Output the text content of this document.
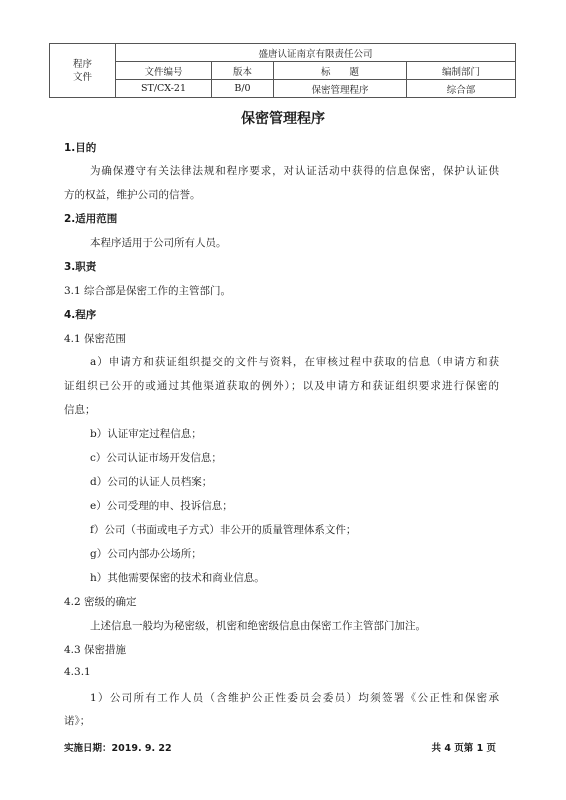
程序
文件	盛唐认证南京有限责任公司			
	文件编号	版本	标　　题	编制部门
	ST/CX-21	B/0	保密管理程序	综合部
保密管理程序
1.目的
为确保遵守有关法律法规和程序要求，对认证活动中获得的信息保密，保护认证供
方的权益，维护公司的信誉。
2.适用范围
本程序适用于公司所有人员。
3.职责
3.1 综合部是保密工作的主管部门。
4.程序
4.1 保密范围
a）申请方和获证组织提交的文件与资料，在审核过程中获取的信息（申请方和获
证组织已公开的或通过其他渠道获取的例外）；以及申请方和获证组织要求进行保密的
信息；
b）认证审定过程信息；
c）公司认证市场开发信息；
d）公司的认证人员档案；
e）公司受理的申、投诉信息；
f）公司（书面或电子方式）非公开的质量管理体系文件；
g）公司内部办公场所；
h）其他需要保密的技术和商业信息。
4.2 密级的确定
上述信息一般均为秘密级，机密和绝密级信息由保密工作主管部门加注。
4.3 保密措施
4.3.1
1）公司所有工作人员（含维护公正性委员会委员）均须签署《公正性和保密承
诺》；
实施日期：2019. 9. 22	共 4 页第 1 页
